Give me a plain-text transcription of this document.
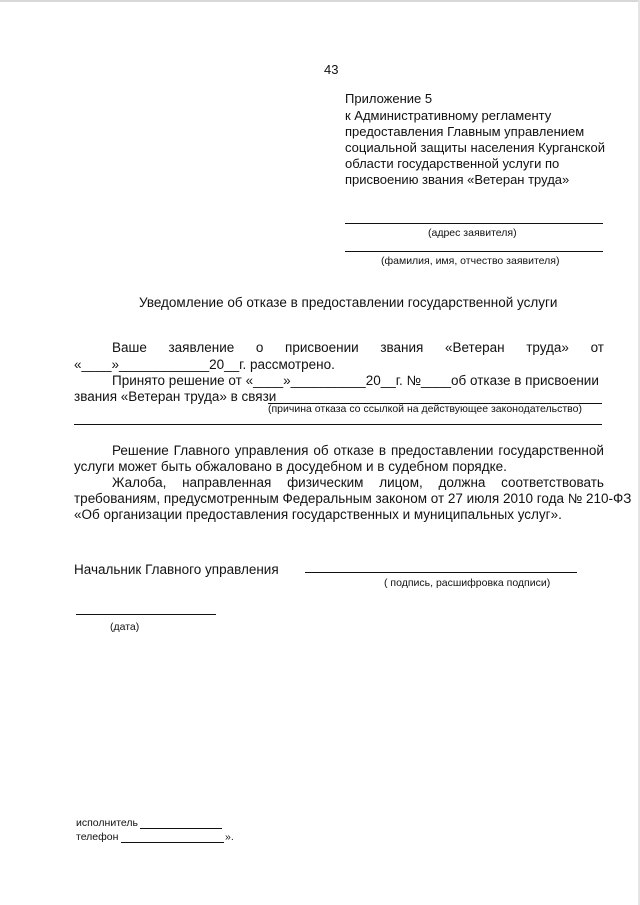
43
Приложение 5
к Административному регламенту
предоставления Главным управлением
социальной защиты населения Курганской
области государственной услуги по
присвоению звания «Ветеран труда»
(адрес заявителя)
(фамилия, имя, отчество заявителя)
Уведомление об отказе в предоставлении государственной услуги
Ваше заявление о присвоении звания «Ветеран труда» от
«____»____________20__г. рассмотрено.
Принято решение от «____»__________20__г. №____об отказе в присвоении
звания «Ветеран труда» в связи
(причина отказа со ссылкой на действующее законодательство)
Решение Главного управления об отказе в предоставлении государственной
услуги может быть обжаловано в досудебном и в судебном порядке.
Жалоба, направленная физическим лицом, должна соответствовать
требованиям, предусмотренным Федеральным законом от 27 июля 2010 года № 210-ФЗ
«Об организации предоставления государственных и муниципальных услуг».
Начальник Главного управления
( подпись, расшифровка подписи)
(дата)
исполнитель
телефон	».
